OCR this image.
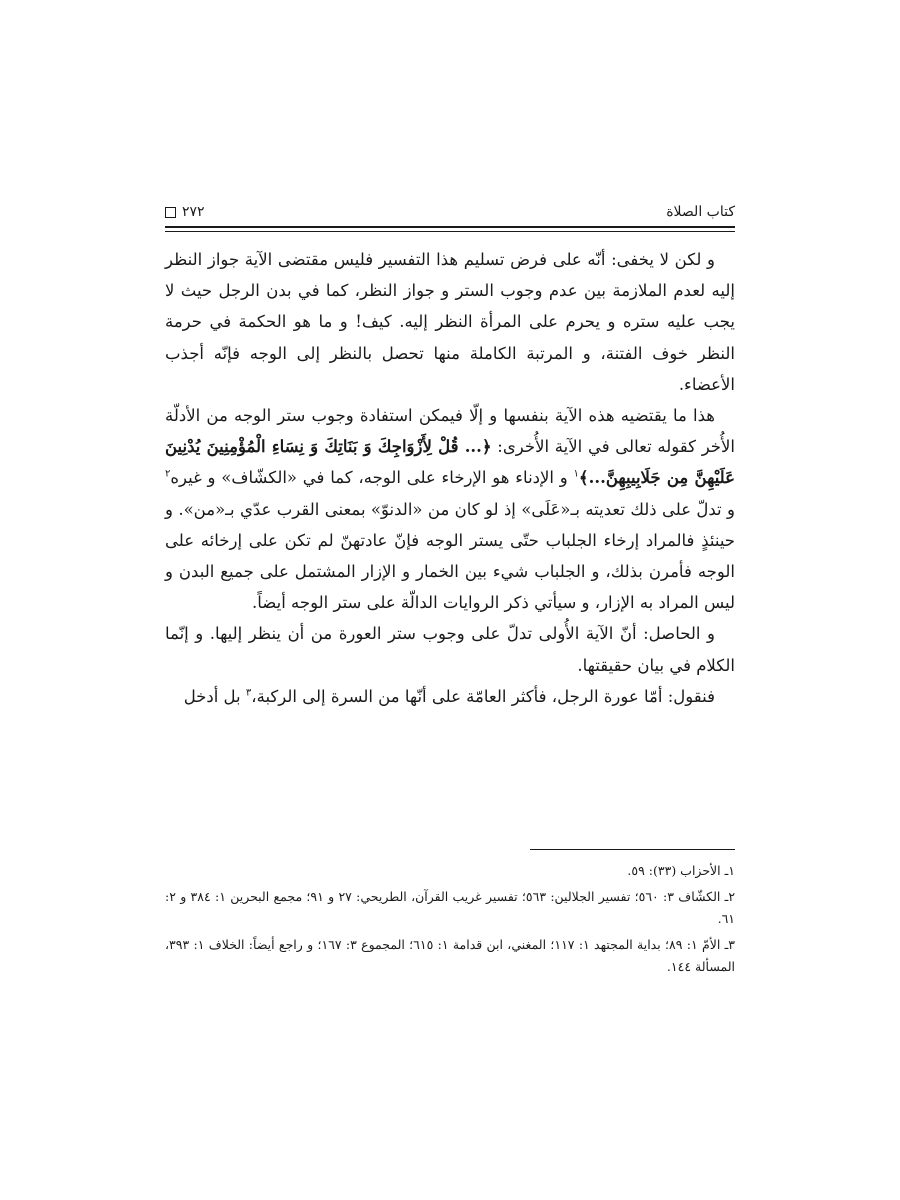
كتاب الصلاة
٢٧٢

و لكن لا يخفى: أنّه على فرض تسليم هذا التفسير فليس مقتضى الآية جواز النظر إليه لعدم الملازمة بين عدم وجوب الستر و جواز النظر، كما في بدن الرجل حيث لا يجب عليه ستره و يحرم على المرأة النظر إليه. كيف! و ما هو الحكمة في حرمة النظر خوف الفتنة، و المرتبة الكاملة منها تحصل بالنظر إلى الوجه فإنّه أجذب الأعضاء.

هذا ما يقتضيه هذه الآية بنفسها و إلّا فيمكن استفادة وجوب ستر الوجه من الأدلّة الأُخر كقوله تعالى في الآية الأُخرى: ﴿... قُلْ لِأَزْوَاجِكَ وَ بَنَاتِكَ وَ نِسَاءِ الْمُؤْمِنِينَ يُدْنِينَ عَلَيْهِنَّ مِن جَلَابِيبِهِنَّ...﴾$^١$ و الإدناء هو الإرخاء على الوجه، كما في «الكشّاف» و غيره$^٢$ و تدلّ على ذلك تعديته بـ«عَلَى» إذ لو كان من «الدنوّ» بمعنى القرب عدّي بـ«من». و حينئذٍ فالمراد إرخاء الجلباب حتّى يستر الوجه فإنّ عادتهنّ لم تكن على إرخائه على الوجه فأمرن بذلك، و الجلباب شيء بين الخمار و الإزار المشتمل على جميع البدن و ليس المراد به الإزار، و سيأتي ذكر الروايات الدالّة على ستر الوجه أيضاً.

و الحاصل: أنّ الآية الأُولى تدلّ على وجوب ستر العورة من أن ينظر إليها. و إنّما الكلام في بيان حقيقتها.

فنقول: أمّا عورة الرجل، فأكثر العامّة على أنّها من السرة إلى الركبة،$^٣$ بل أدخل

١ـ الأحزاب (٣٣): ٥٩.

٢ـ الكشّاف ٣: ٥٦٠؛ تفسير الجلالين: ٥٦٣؛ تفسير غريب القرآن، الطريحي: ٢٧ و ٩١؛ مجمع البحرين ١: ٣٨٤ و ٢: ٦١.

٣ـ الأمّ ١: ٨٩؛ بداية المجتهد ١: ١١٧؛ المغني، ابن قدامة ١: ٦١٥؛ المجموع ٣: ١٦٧؛ و راجع أيضاً: الخلاف ١: ٣٩٣، المسألة ١٤٤.
